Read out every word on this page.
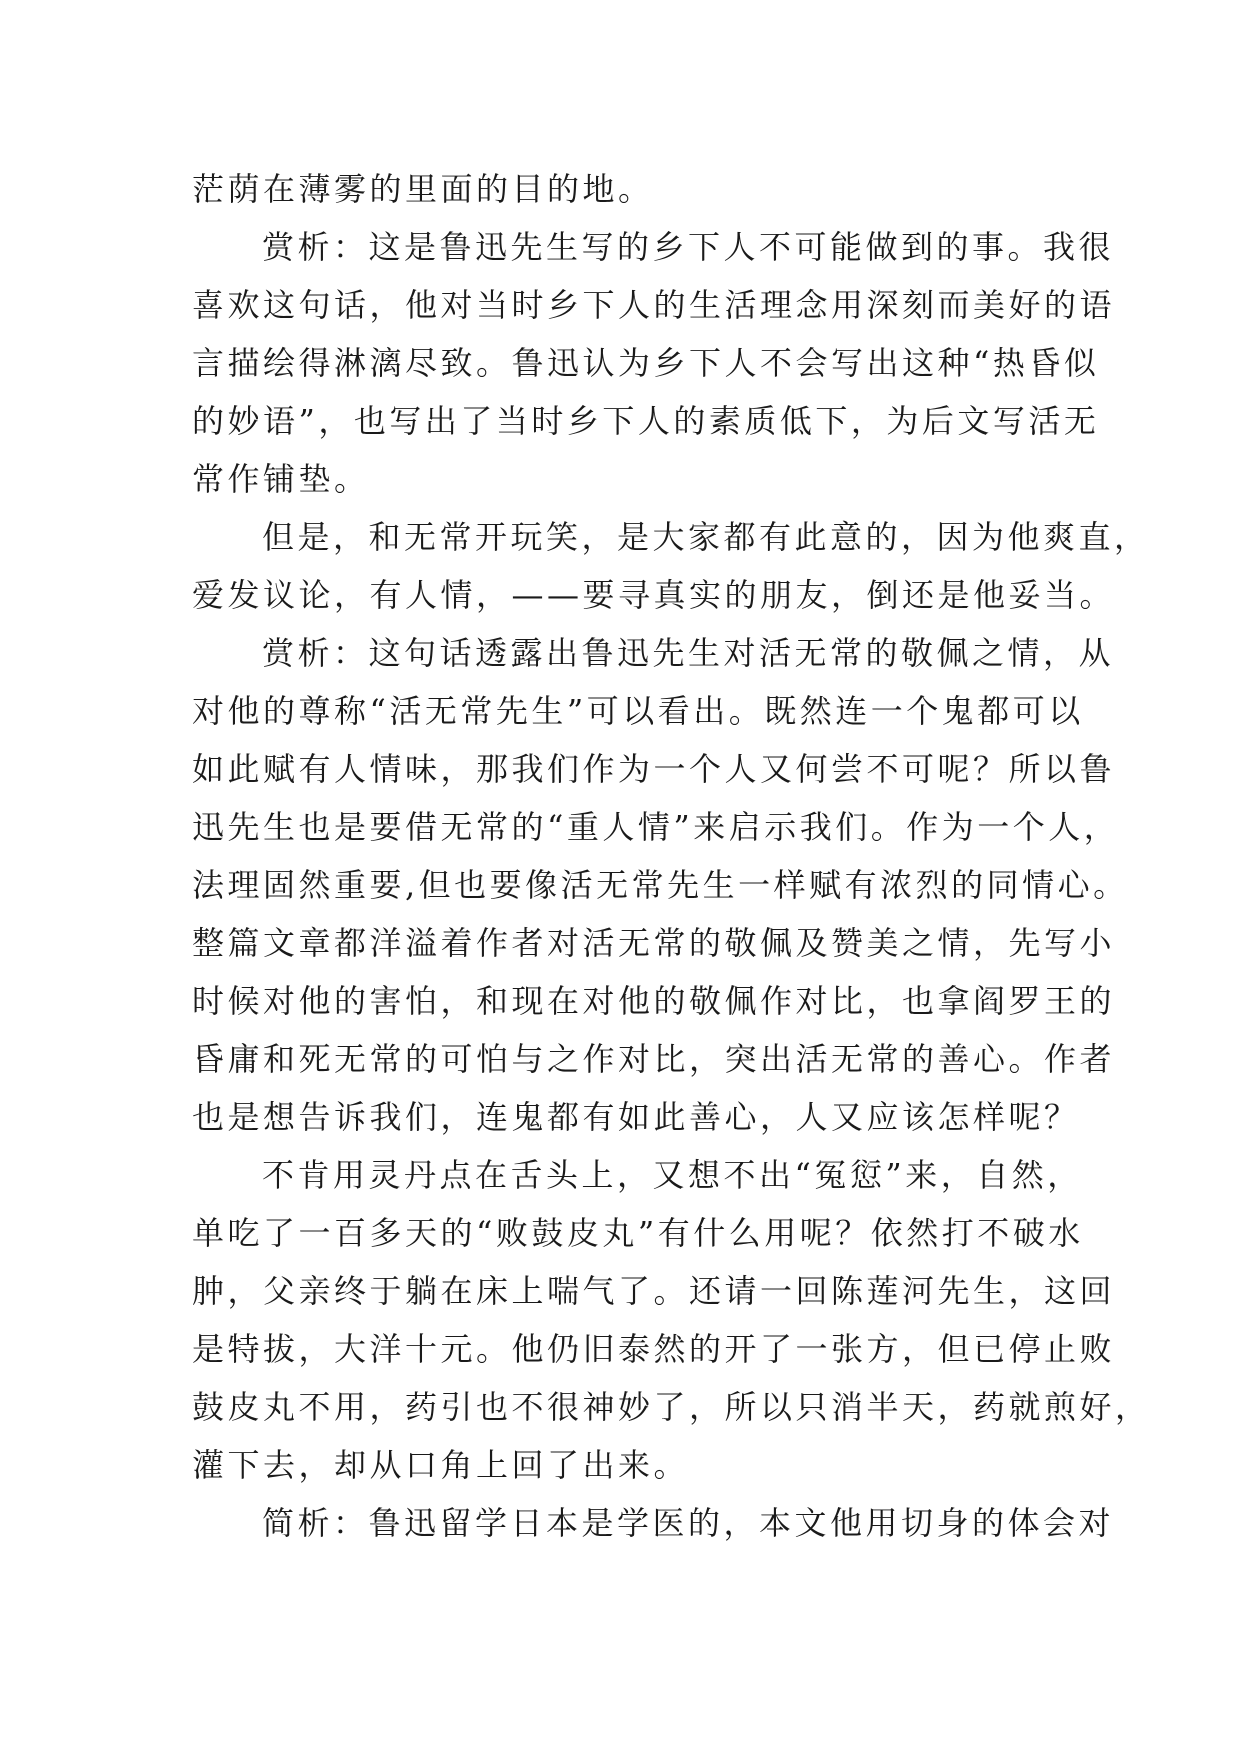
茫荫在薄雾的里面的目的地。
赏析：这是鲁迅先生写的乡下人不可能做到的事。我很
喜欢这句话，他对当时乡下人的生活理念用深刻而美好的语
言描绘得淋漓尽致。鲁迅认为乡下人不会写出这种“热昏似
的妙语”，也写出了当时乡下人的素质低下，为后文写活无
常作铺垫。
但是，和无常开玩笑，是大家都有此意的，因为他爽直，
爱发议论，有人情，——要寻真实的朋友，倒还是他妥当。
赏析：这句话透露出鲁迅先生对活无常的敬佩之情，从
对他的尊称“活无常先生”可以看出。既然连一个鬼都可以
如此赋有人情味，那我们作为一个人又何尝不可呢？所以鲁
迅先生也是要借无常的“重人情”来启示我们。作为一个人，
法理固然重要,但也要像活无常先生一样赋有浓烈的同情心。
整篇文章都洋溢着作者对活无常的敬佩及赞美之情，先写小
时候对他的害怕，和现在对他的敬佩作对比，也拿阎罗王的
昏庸和死无常的可怕与之作对比，突出活无常的善心。作者
也是想告诉我们，连鬼都有如此善心，人又应该怎样呢？
不肯用灵丹点在舌头上，又想不出“冤愆”来，自然，
单吃了一百多天的“败鼓皮丸”有什么用呢？依然打不破水
肿，父亲终于躺在床上喘气了。还请一回陈莲河先生，这回
是特拔，大洋十元。他仍旧泰然的开了一张方，但已停止败
鼓皮丸不用，药引也不很神妙了，所以只消半天，药就煎好，
灌下去，却从口角上回了出来。
简析：鲁迅留学日本是学医的，本文他用切身的体会对
